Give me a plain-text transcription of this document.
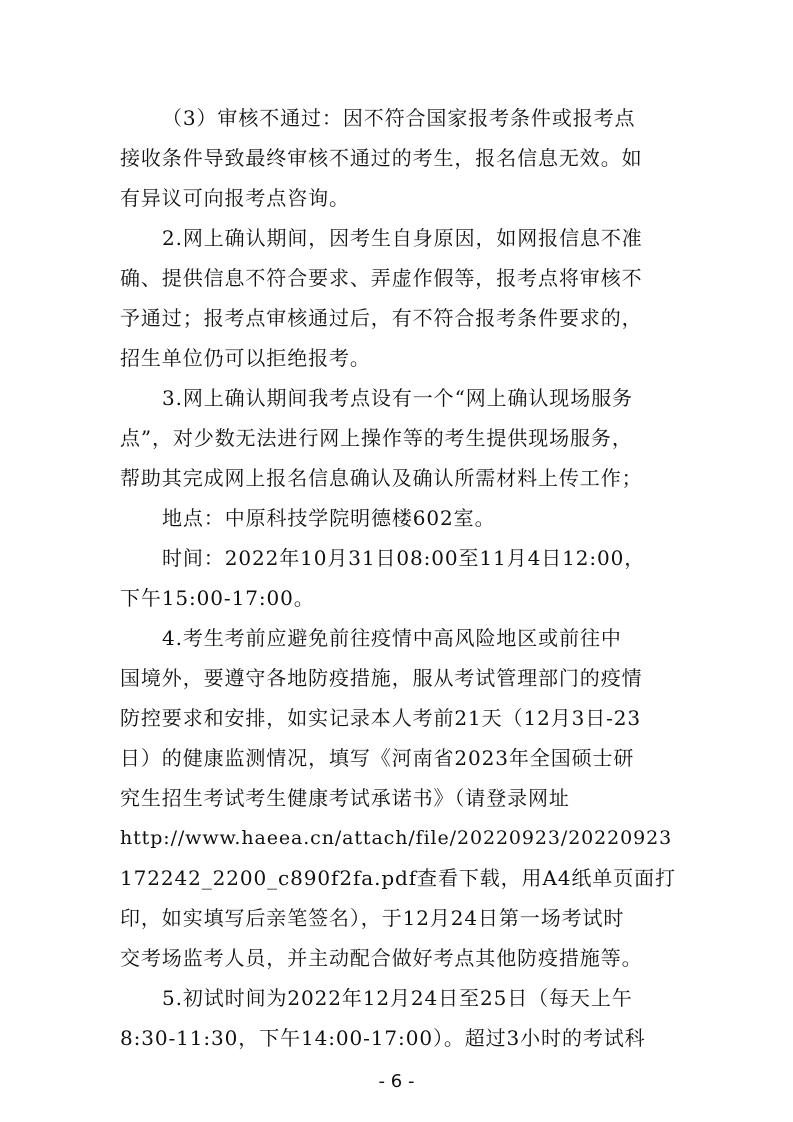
（3）审核不通过：因不符合国家报考条件或报考点
接收条件导致最终审核不通过的考生，报名信息无效。如
有异议可向报考点咨询。
2.网上确认期间，因考生自身原因，如网报信息不准
确、提供信息不符合要求、弄虚作假等，报考点将审核不
予通过；报考点审核通过后，有不符合报考条件要求的，
招生单位仍可以拒绝报考。
3.网上确认期间我考点设有一个“网上确认现场服务
点”，对少数无法进行网上操作等的考生提供现场服务，
帮助其完成网上报名信息确认及确认所需材料上传工作；
地点：中原科技学院明德楼602室。
时间：2022年10月31日08:00至11月4日12:00，
下午15:00-17:00。
4.考生考前应避免前往疫情中高风险地区或前往中
国境外，要遵守各地防疫措施，服从考试管理部门的疫情
防控要求和安排，如实记录本人考前21天（12月3日-23
日）的健康监测情况，填写《河南省2023年全国硕士研
究生招生考试考生健康考试承诺书》（请登录网址
http://www.haeea.cn/attach/file/20220923/20220923
172242_2200_c890f2fa.pdf查看下载，用A4纸单页面打
印，如实填写后亲笔签名），于12月24日第一场考试时
交考场监考人员，并主动配合做好考点其他防疫措施等。
5.初试时间为2022年12月24日至25日（每天上午
8:30-11:30，下午14:00-17:00）。超过3小时的考试科
- 6 -
